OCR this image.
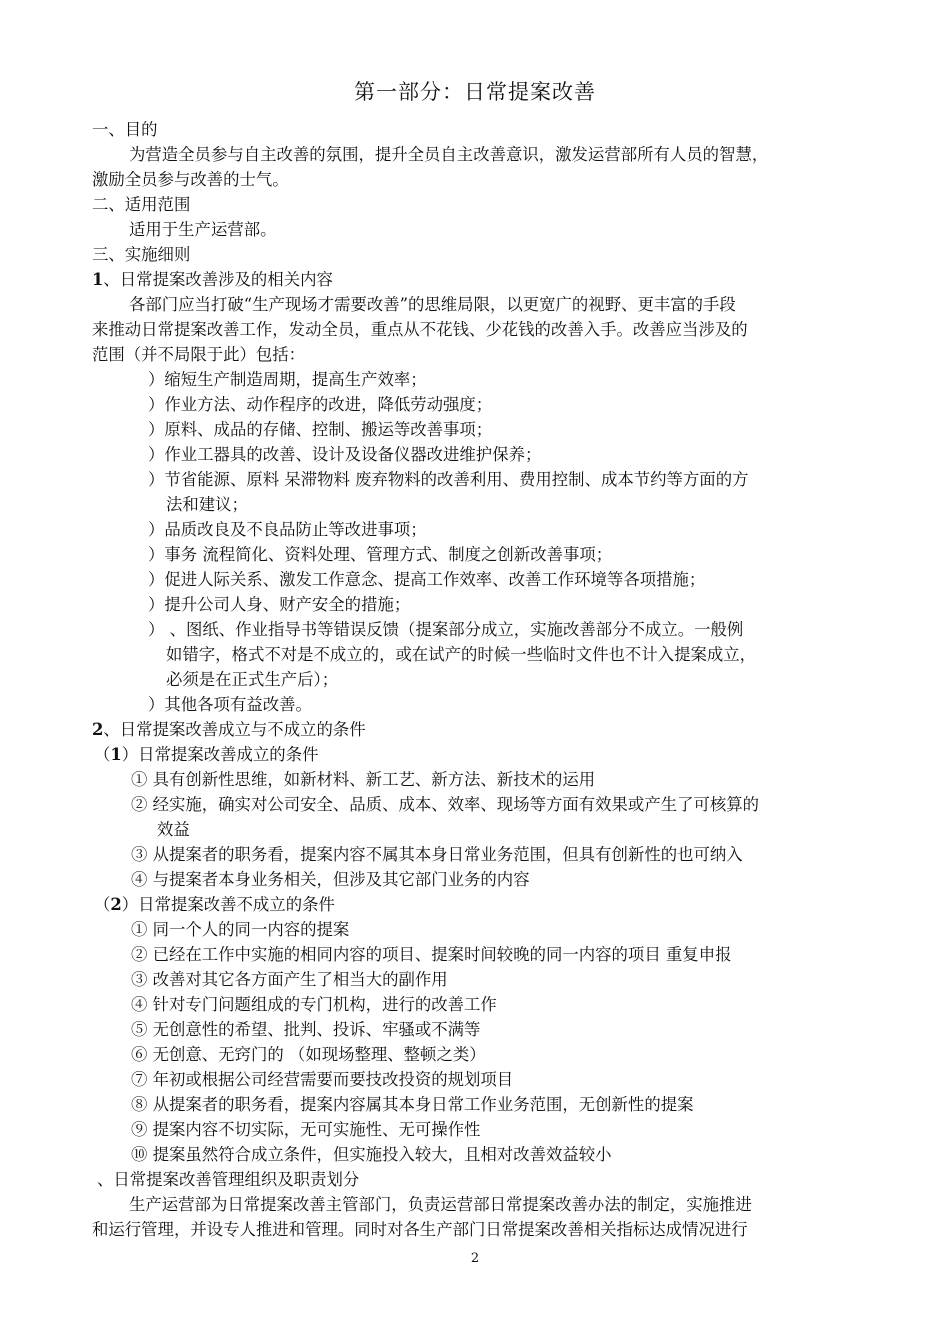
第一部分：日常提案改善
一、目的
为营造全员参与自主改善的氛围，提升全员自主改善意识，激发运营部所有人员的智慧，
激励全员参与改善的士气。
二、适用范围
适用于生产运营部。
三、实施细则
1、日常提案改善涉及的相关内容
各部门应当打破“生产现场才需要改善”的思维局限，以更宽广的视野、更丰富的手段
来推动日常提案改善工作，发动全员，重点从不花钱、少花钱的改善入手。改善应当涉及的
范围（并不局限于此）包括：
）缩短生产制造周期，提高生产效率；
）作业方法、动作程序的改进，降低劳动强度；
）原料、成品的存储、控制、搬运等改善事项；
）作业工器具的改善、设计及设备仪器改进维护保养；
）节省能源、原料 呆滞物料 废弃物料的改善利用、费用控制、成本节约等方面的方
法和建议；
）品质改良及不良品防止等改进事项；
）事务 流程简化、资料处理、管理方式、制度之创新改善事项；
）促进人际关系、激发工作意念、提高工作效率、改善工作环境等各项措施；
）提升公司人身、财产安全的措施；
） 、图纸、作业指导书等错误反馈（提案部分成立，实施改善部分不成立。一般例
如错字，格式不对是不成立的，或在试产的时候一些临时文件也不计入提案成立，
必须是在正式生产后）；
）其他各项有益改善。
2、日常提案改善成立与不成立的条件
（1）日常提案改善成立的条件
① 具有创新性思维，如新材料、新工艺、新方法、新技术的运用
② 经实施，确实对公司安全、品质、成本、效率、现场等方面有效果或产生了可核算的
效益
③ 从提案者的职务看，提案内容不属其本身日常业务范围，但具有创新性的也可纳入
④ 与提案者本身业务相关，但涉及其它部门业务的内容
（2）日常提案改善不成立的条件
① 同一个人的同一内容的提案
② 已经在工作中实施的相同内容的项目、提案时间较晚的同一内容的项目 重复申报
③ 改善对其它各方面产生了相当大的副作用
④ 针对专门问题组成的专门机构，进行的改善工作
⑤ 无创意性的希望、批判、投诉、牢骚或不满等
⑥ 无创意、无窍门的 （如现场整理、整顿之类）
⑦ 年初或根据公司经营需要而要技改投资的规划项目
⑧ 从提案者的职务看，提案内容属其本身日常工作业务范围，无创新性的提案
⑨ 提案内容不切实际，无可实施性、无可操作性
⑩ 提案虽然符合成立条件，但实施投入较大，且相对改善效益较小
、日常提案改善管理组织及职责划分
生产运营部为日常提案改善主管部门，负责运营部日常提案改善办法的制定，实施推进
和运行管理，并设专人推进和管理。同时对各生产部门日常提案改善相关指标达成情况进行
2
